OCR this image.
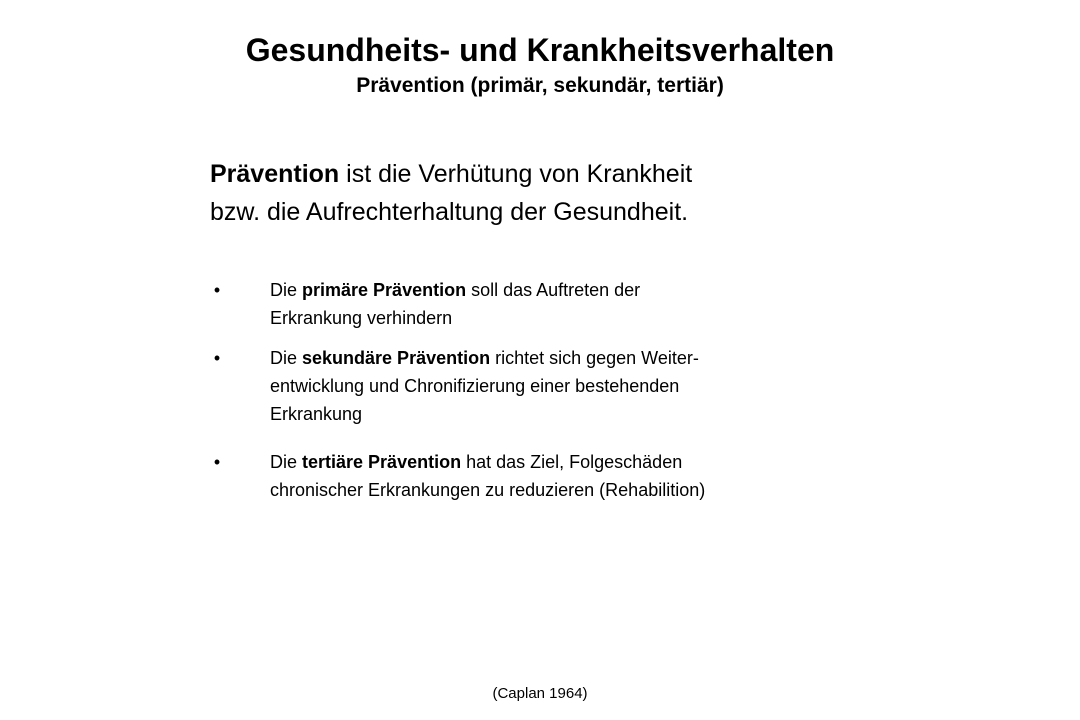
Gesundheits- und Krankheitsverhalten
Prävention (primär, sekundär, tertiär)
Prävention ist die Verhütung von Krankheit
bzw. die Aufrechterhaltung der Gesundheit.
•	Die primäre Prävention soll das Auftreten der
Erkrankung verhindern
•	Die sekundäre Prävention richtet sich gegen Weiter-
entwicklung und Chronifizierung einer bestehenden
Erkrankung
•	Die tertiäre Prävention hat das Ziel, Folgeschäden
chronischer Erkrankungen zu reduzieren (Rehabilition)
(Caplan 1964)
